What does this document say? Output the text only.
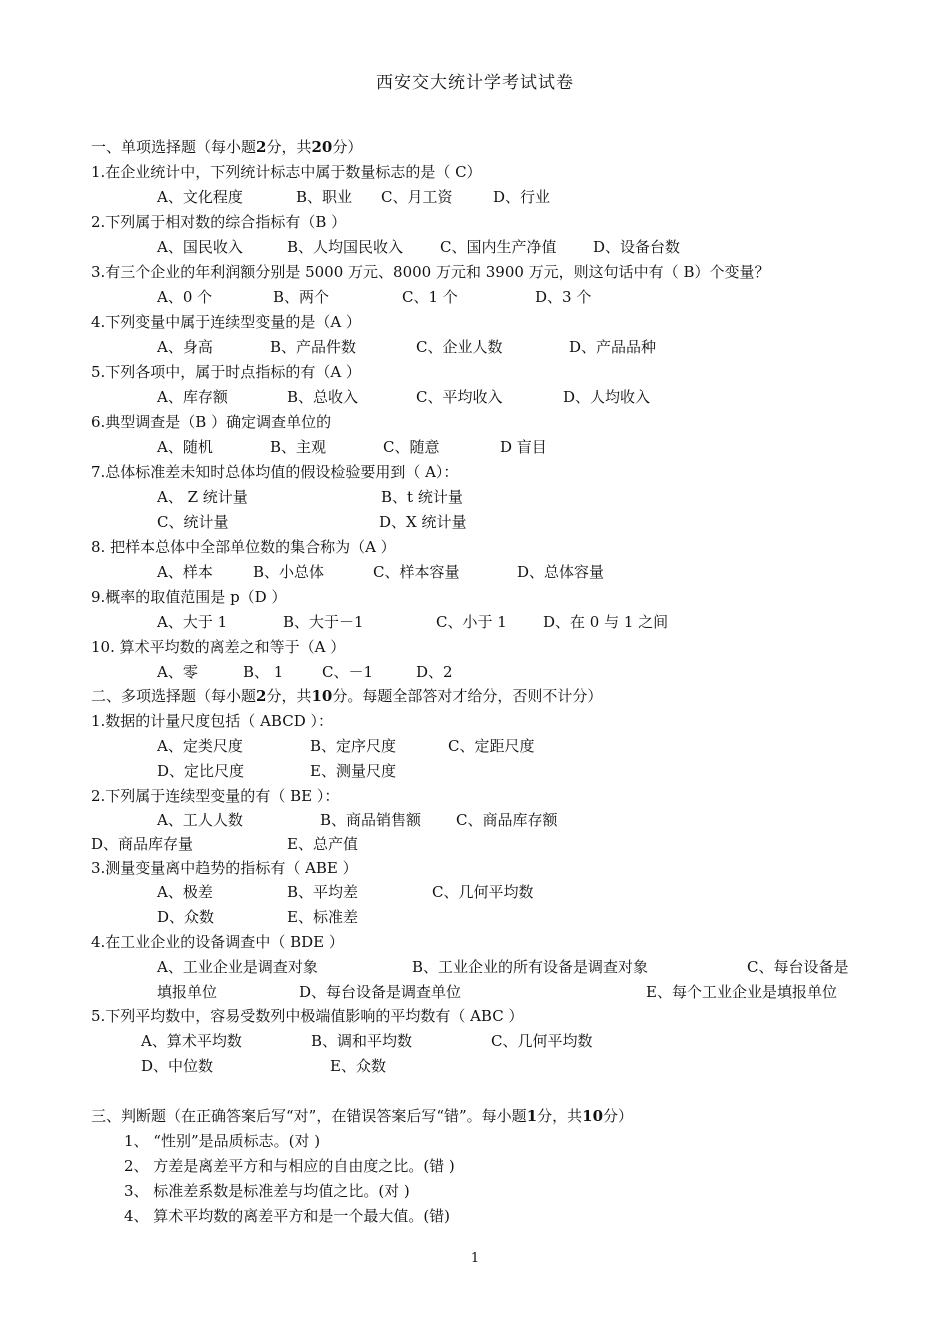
西安交大统计学考试试卷
一、单项选择题（每小题2分，共20分）
1.在企业统计中，下列统计标志中属于数量标志的是（ C）
A、文化程度	B、职业 C、月工资	D、行业
2.下列属于相对数的综合指标有（B ）
A、国民收入	B、人均国民收入 C、国内生产净值 D、设备台数
3.有三个企业的年利润额分别是 5000 万元、8000 万元和 3900 万元，则这句话中有（ B）个变量？
A、0 个	B、两个	C、1 个	D、3 个
4.下列变量中属于连续型变量的是（A ）
A、身高	B、产品件数	C、企业人数	D、产品品种
5.下列各项中，属于时点指标的有（A ）
A、库存额	B、总收入	C、平均收入	D、人均收入
6.典型调查是（B ）确定调查单位的
A、随机	B、主观	C、随意	D 盲目
7.总体标准差未知时总体均值的假设检验要用到（ A）：
A、 Z 统计量	B、t 统计量
C、统计量	D、X 统计量
8. 把样本总体中全部单位数的集合称为（A ）
A、样本	B、小总体	C、样本容量	D、总体容量
9.概率的取值范围是 p（D ）
A、大于 1	B、大于－1	C、小于 1 D、在 0 与 1 之间
10. 算术平均数的离差之和等于（A ）
A、零	B、 1	C、－1	D、2
二、多项选择题（每小题2分，共10分。每题全部答对才给分，否则不计分）
1.数据的计量尺度包括（ ABCD ）：
A、定类尺度	B、定序尺度	C、定距尺度
D、定比尺度	E、测量尺度
2.下列属于连续型变量的有（ BE ）：
A、工人人数	B、商品销售额 C、商品库存额
D、商品库存量	E、总产值
3.测量变量离中趋势的指标有（ ABE ）
A、极差	B、平均差	C、几何平均数
D、众数	E、标准差
4.在工业企业的设备调查中（ BDE ）
A、工业企业是调查对象	B、工业企业的所有设备是调查对象	C、每台设备是
填报单位	D、每台设备是调查单位	E、每个工业企业是填报单位
5.下列平均数中，容易受数列中极端值影响的平均数有（ ABC ）
A、算术平均数	B、调和平均数	C、几何平均数
D、中位数	E、众数
三、判断题（在正确答案后写“对”，在错误答案后写“错”。每小题1分，共10分）
1、 “性别”是品质标志。(对 )
2、 方差是离差平方和与相应的自由度之比。(错 )
3、 标准差系数是标准差与均值之比。(对 )
4、 算术平均数的离差平方和是一个最大值。(错)
1
